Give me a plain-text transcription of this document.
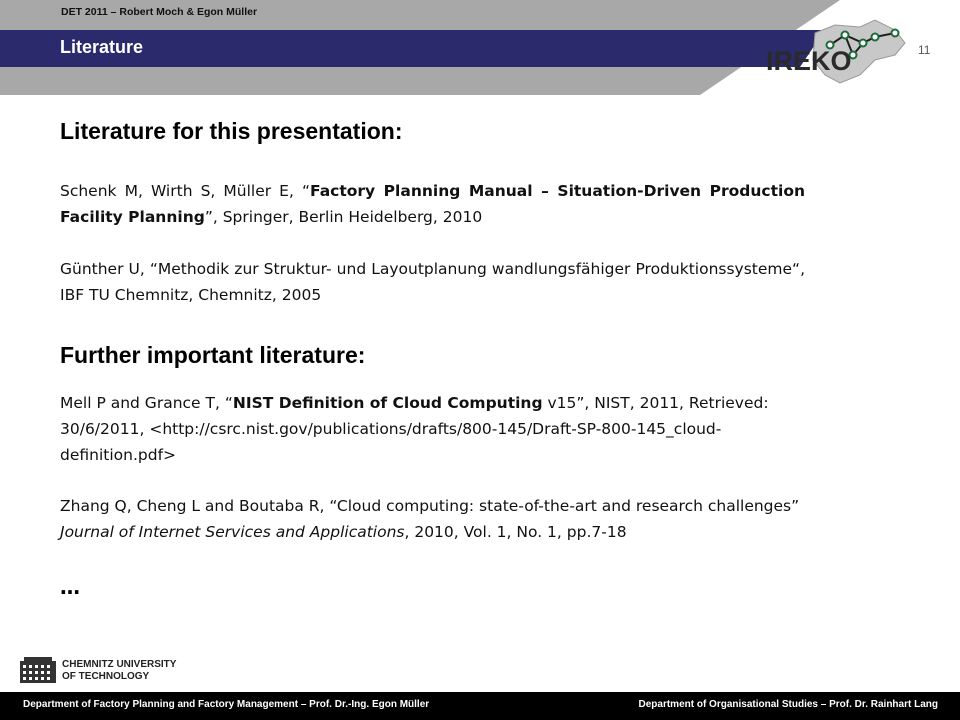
DET 2011 – Robert Moch & Egon Müller
Literature	11
IREKO
Literature for this presentation:
Schenk M, Wirth S, Müller E, “Factory Planning Manual – Situation-Driven Production Facility Planning”, Springer, Berlin Heidelberg, 2010
Günther U, “Methodik zur Struktur- und Layoutplanung wandlungsfähiger Produktionssysteme“, IBF TU Chemnitz, Chemnitz, 2005
Further important literature:
Mell P and Grance T, “NIST Definition of Cloud Computing v15”, NIST, 2011, Retrieved: 30/6/2011, <http://csrc.nist.gov/publications/drafts/800-145/Draft-SP-800-145_cloud-definition.pdf>
Zhang Q, Cheng L and Boutaba R, “Cloud computing: state-of-the-art and research challenges” Journal of Internet Services and Applications, 2010, Vol. 1, No. 1, pp.7-18
…
CHEMNITZ UNIVERSITY
OF TECHNOLOGY
Department of Factory Planning and Factory Management – Prof. Dr.-Ing. Egon Müller	Department of Organisational Studies – Prof. Dr. Rainhart Lang
